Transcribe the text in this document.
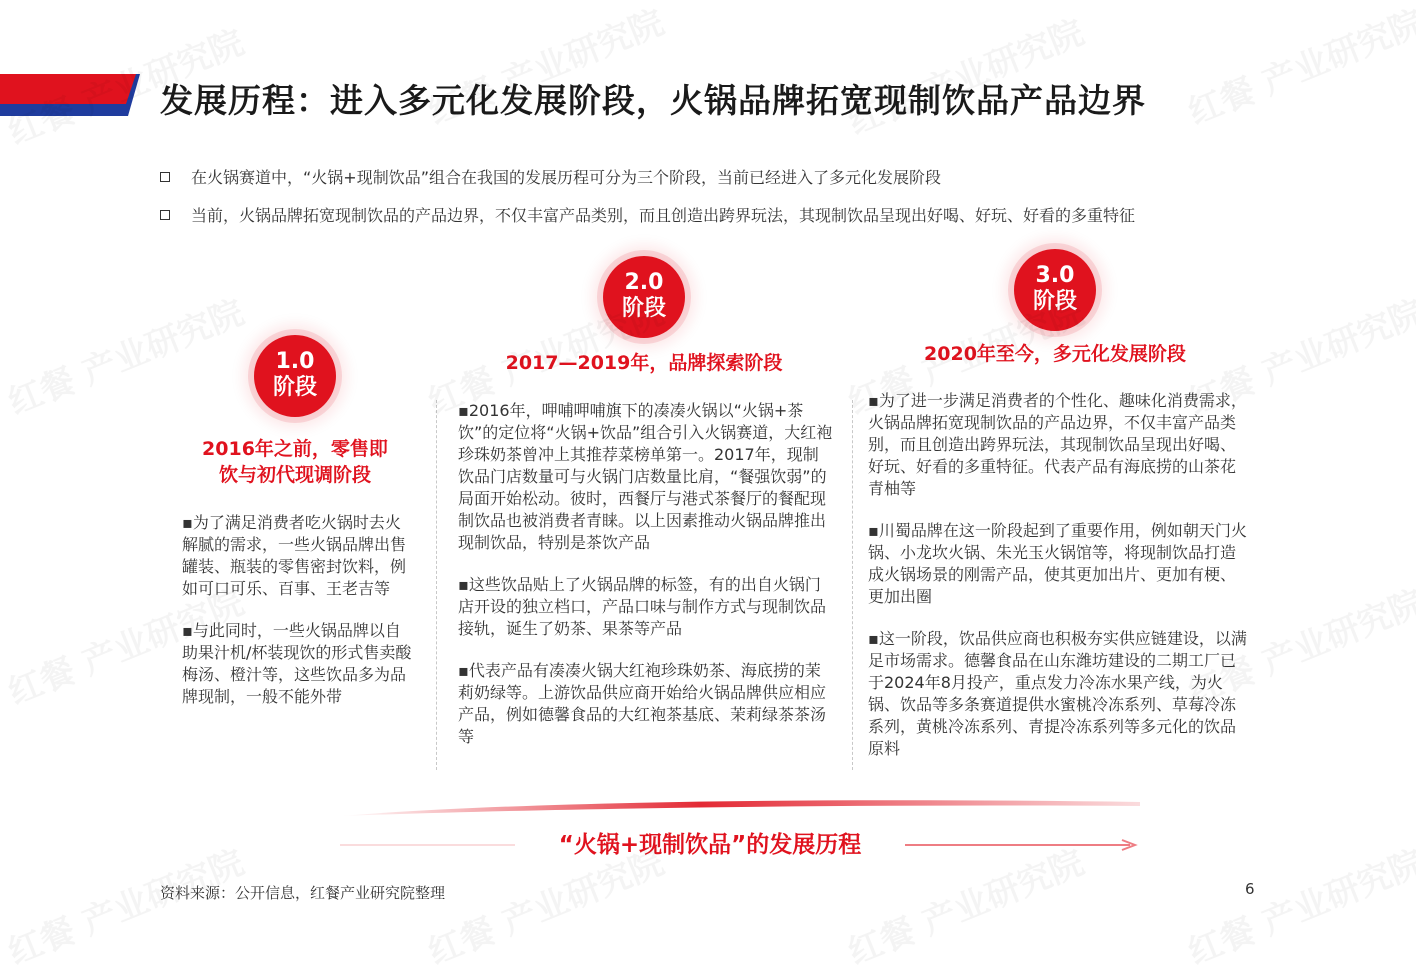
发展历程：进入多元化发展阶段，火锅品牌拓宽现制饮品产品边界
在火锅赛道中，“火锅+现制饮品”组合在我国的发展历程可分为三个阶段，当前已经进入了多元化发展阶段
当前，火锅品牌拓宽现制饮品的产品边界，不仅丰富产品类别，而且创造出跨界玩法，其现制饮品呈现出好喝、好玩、好看的多重特征
1.0
阶段
2016年之前，零售即
饮与初代现调阶段

▪为了满足消费者吃火锅时去火解腻的需求，一些火锅品牌出售罐装、瓶装的零售密封饮料，例如可口可乐、百事、王老吉等

▪与此同时，一些火锅品牌以自助果汁机/杯装现饮的形式售卖酸梅汤、橙汁等，这些饮品多为品牌现制，一般不能外带

2.0
阶段
2017—2019年，品牌探索阶段

▪2016年，呷哺呷哺旗下的凑凑火锅以“火锅+茶饮”的定位将“火锅+饮品”组合引入火锅赛道，大红袍珍珠奶茶曾冲上其推荐菜榜单第一。2017年，现制饮品门店数量可与火锅门店数量比肩，“餐强饮弱”的局面开始松动。彼时，西餐厅与港式茶餐厅的餐配现制饮品也被消费者青睐。以上因素推动火锅品牌推出现制饮品，特别是茶饮产品

▪这些饮品贴上了火锅品牌的标签，有的出自火锅门店开设的独立档口，产品口味与制作方式与现制饮品接轨，诞生了奶茶、果茶等产品

▪代表产品有凑凑火锅大红袍珍珠奶茶、海底捞的茉莉奶绿等。上游饮品供应商开始给火锅品牌供应相应产品，例如德馨食品的大红袍茶基底、茉莉绿茶茶汤等

3.0
阶段
2020年至今，多元化发展阶段

▪为了进一步满足消费者的个性化、趣味化消费需求，火锅品牌拓宽现制饮品的产品边界，不仅丰富产品类别，而且创造出跨界玩法，其现制饮品呈现出好喝、好玩、好看的多重特征。代表产品有海底捞的山茶花青柚等

▪川蜀品牌在这一阶段起到了重要作用，例如朝天门火锅、小龙坎火锅、朱光玉火锅馆等，将现制饮品打造成火锅场景的刚需产品，使其更加出片、更加有梗、更加出圈

▪这一阶段，饮品供应商也积极夯实供应链建设，以满足市场需求。德馨食品在山东潍坊建设的二期工厂已于2024年8月投产，重点发力冷冻水果产线，为火锅、饮品等多条赛道提供水蜜桃冷冻系列、草莓冷冻系列，黄桃冷冻系列、青提冷冻系列等多元化的饮品原料

“火锅+现制饮品”的发展历程
资料来源：公开信息，红餐产业研究院整理	6
